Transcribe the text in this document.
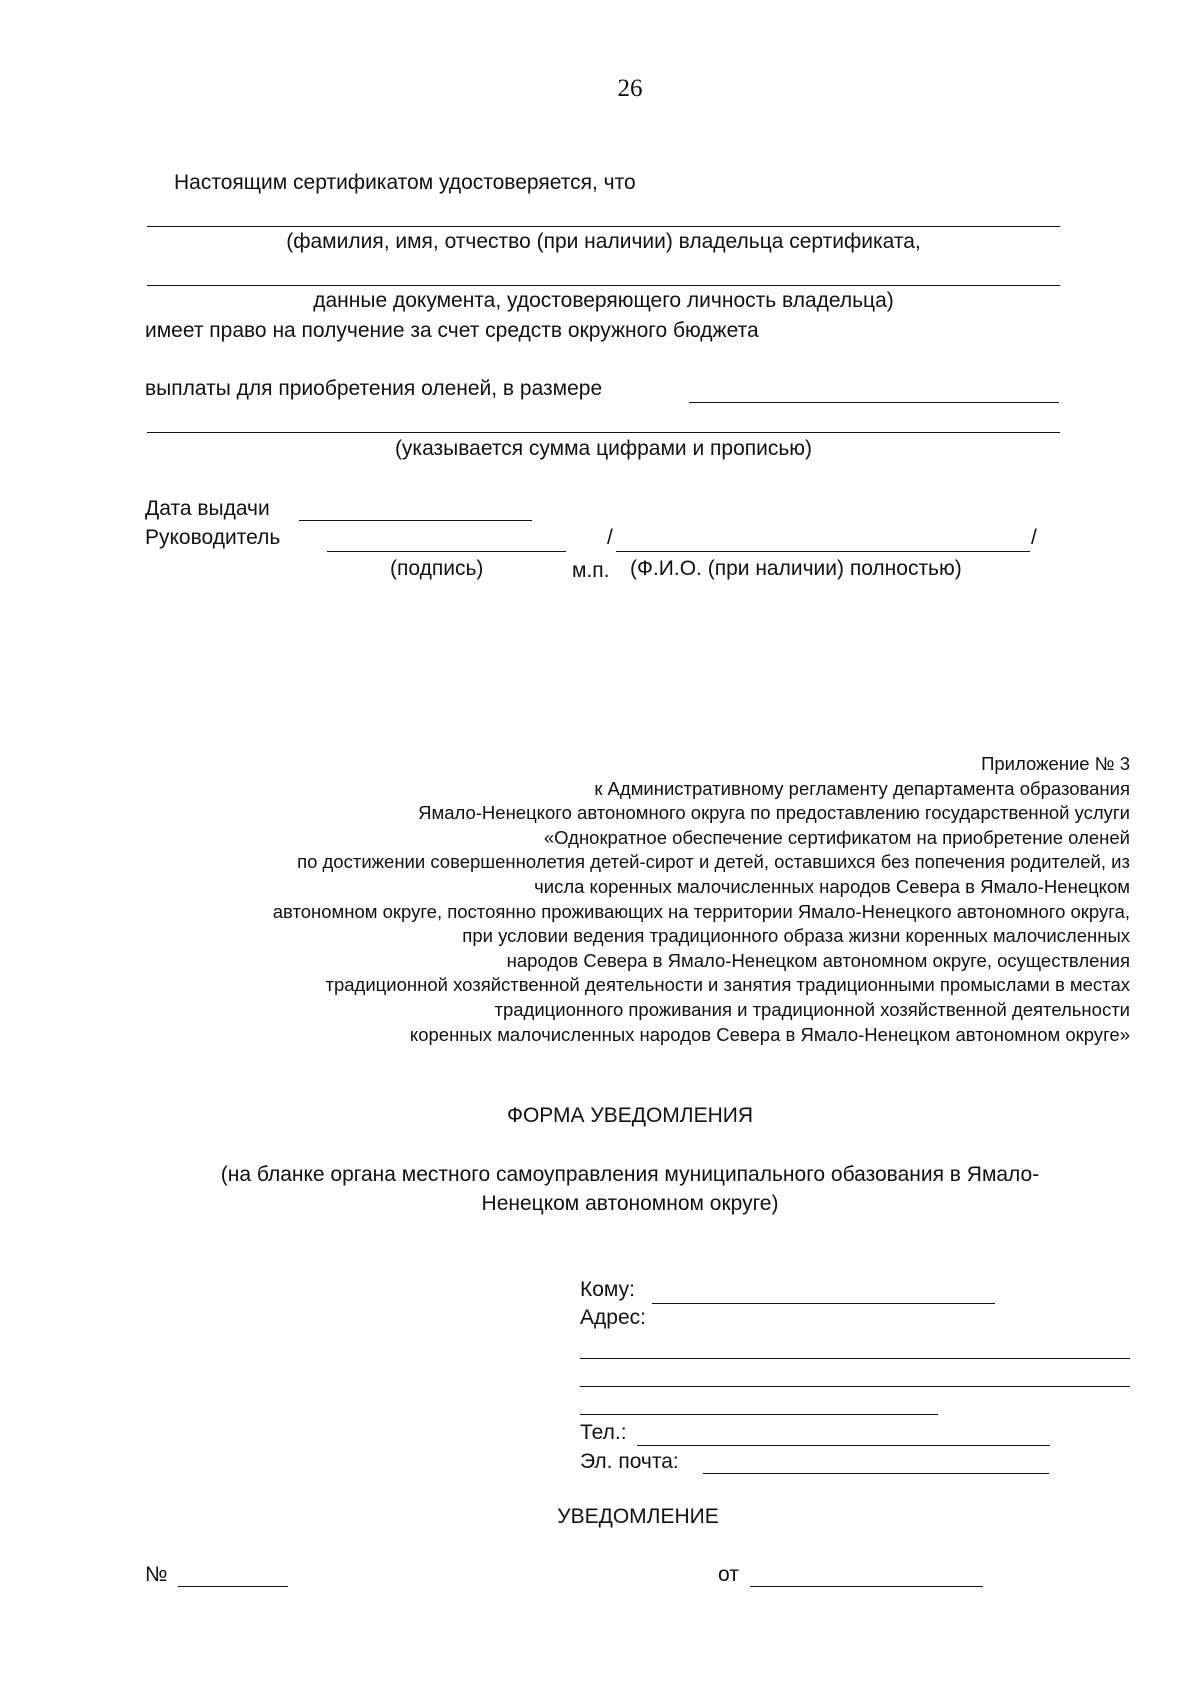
26
Настоящим сертификатом удостоверяется, что
(фамилия, имя, отчество (при наличии) владельца сертификата,
данные документа, удостоверяющего личность владельца)
имеет право на получение за счет средств окружного бюджета
выплаты для приобретения оленей, в размере
(указывается сумма цифрами и прописью)
Дата выдачи
Руководитель	/	/
(подпись)	м.п. (Ф.И.О. (при наличии) полностью)
Приложение № 3
к Административному регламенту департамента образования
Ямало-Ненецкого автономного округа по предоставлению государственной услуги
«Однократное обеспечение сертификатом на приобретение оленей
по достижении совершеннолетия детей-сирот и детей, оставшихся без попечения родителей, из
числа коренных малочисленных народов Севера в Ямало-Ненецком
автономном округе, постоянно проживающих на территории Ямало-Ненецкого автономного округа,
при условии ведения традиционного образа жизни коренных малочисленных
народов Севера в Ямало-Ненецком автономном округе, осуществления
традиционной хозяйственной деятельности и занятия традиционными промыслами в местах
традиционного проживания и традиционной хозяйственной деятельности
коренных малочисленных народов Севера в Ямало-Ненецком автономном округе»
ФОРМА УВЕДОМЛЕНИЯ
(на бланке органа местного самоуправления муниципального обазования в Ямало-
Ненецком автономном округе)
Кому:
Адрес:
Тел.:
Эл. почта:
УВЕДОМЛЕНИЕ
№	от
